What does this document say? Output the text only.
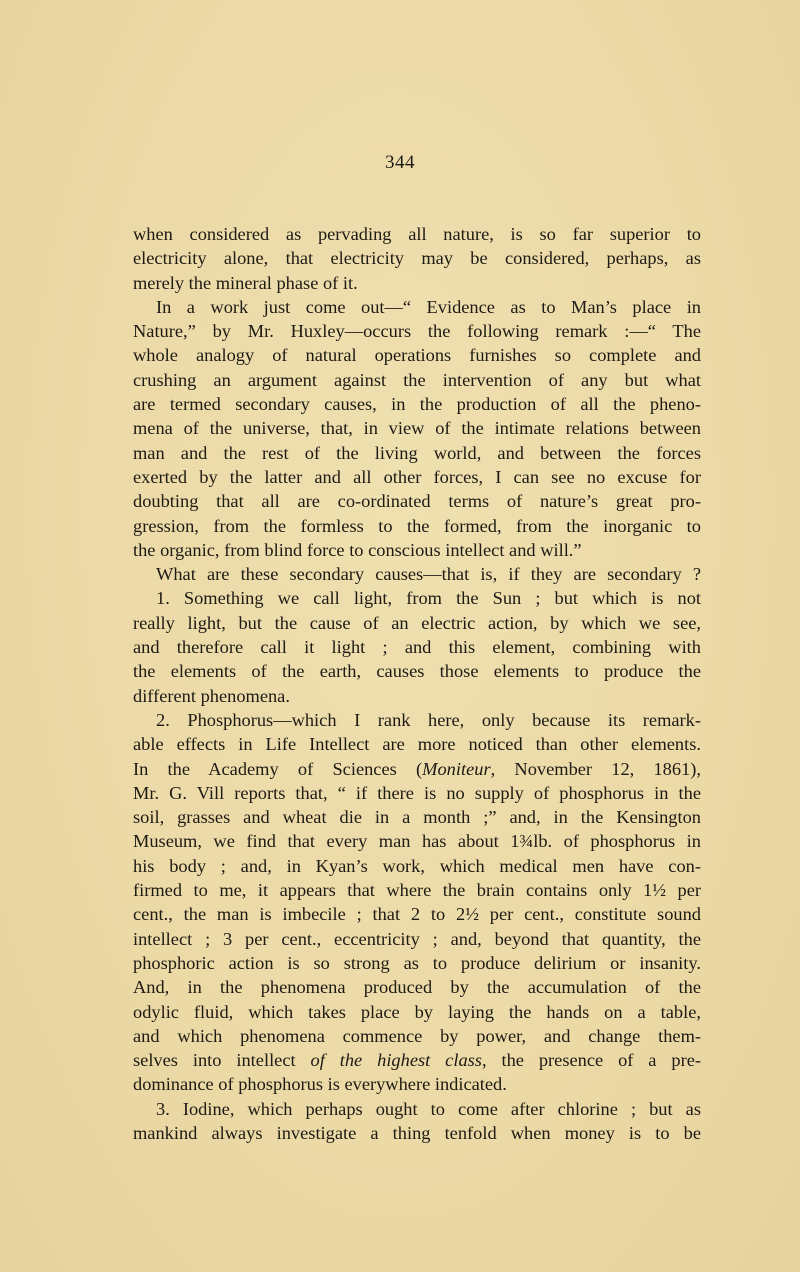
344
when considered as pervading all nature, is so far superior to
electricity alone, that electricity may be considered, perhaps, as
merely the mineral phase of it.
In a work just come out—“ Evidence as to Man’s place in
Nature,” by Mr. Huxley—occurs the following remark :—“ The
whole analogy of natural operations furnishes so complete and
crushing an argument against the intervention of any but what
are termed secondary causes, in the production of all the pheno-
mena of the universe, that, in view of the intimate relations between
man and the rest of the living world, and between the forces
exerted by the latter and all other forces, I can see no excuse for
doubting that all are co-ordinated terms of nature’s great pro-
gression, from the formless to the formed, from the inorganic to
the organic, from blind force to conscious intellect and will.”
What are these secondary causes—that is, if they are secondary ?
1. Something we call light, from the Sun ; but which is not
really light, but the cause of an electric action, by which we see,
and therefore call it light ; and this element, combining with
the elements of the earth, causes those elements to produce the
different phenomena.
2. Phosphorus—which I rank here, only because its remark-
able effects in Life Intellect are more noticed than other elements.
In the Academy of Sciences (Moniteur, November 12, 1861),
Mr. G. Vill reports that, “ if there is no supply of phosphorus in the
soil, grasses and wheat die in a month ;” and, in the Kensington
Museum, we find that every man has about 1¾lb. of phosphorus in
his body ; and, in Kyan’s work, which medical men have con-
firmed to me, it appears that where the brain contains only 1½ per
cent., the man is imbecile ; that 2 to 2½ per cent., constitute sound
intellect ; 3 per cent., eccentricity ; and, beyond that quantity, the
phosphoric action is so strong as to produce delirium or insanity.
And, in the phenomena produced by the accumulation of the
odylic fluid, which takes place by laying the hands on a table,
and which phenomena commence by power, and change them-
selves into intellect of the highest class, the presence of a pre-
dominance of phosphorus is everywhere indicated.
3. Iodine, which perhaps ought to come after chlorine ; but as
mankind always investigate a thing tenfold when money is to be
